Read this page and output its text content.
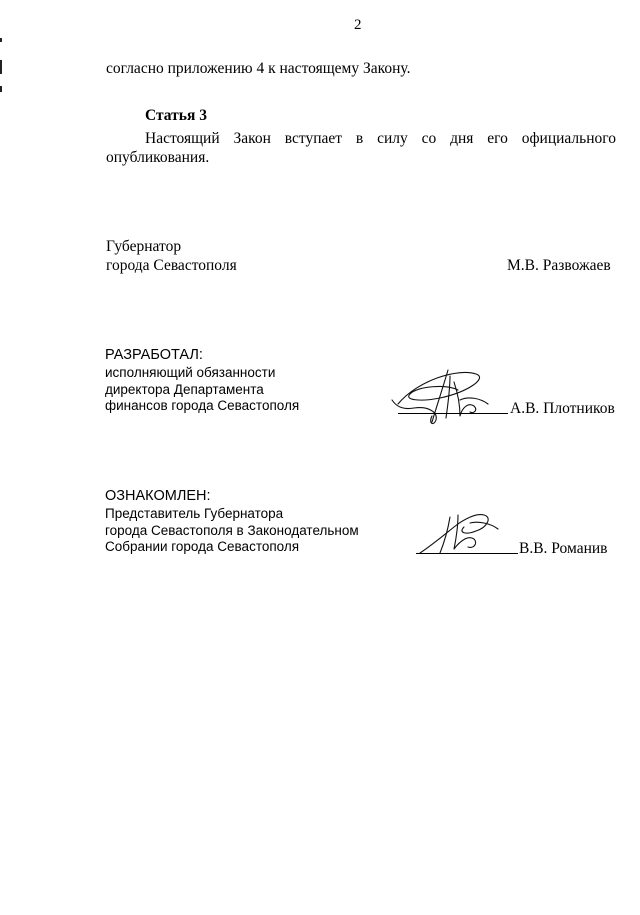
2
согласно приложению 4 к настоящему Закону.
Статья 3
Настоящий Закон вступает в силу со дня его официального
опубликования.
Губернатор
города Севастополя	М.В. Развожаев
РАЗРАБОТАЛ:
исполняющий обязанности
директора Департамента
финансов города Севастополя	А.В. Плотников
ОЗНАКОМЛЕН:
Представитель Губернатора
города Севастополя в Законодательном
Собрании города Севастополя	В.В. Романив
